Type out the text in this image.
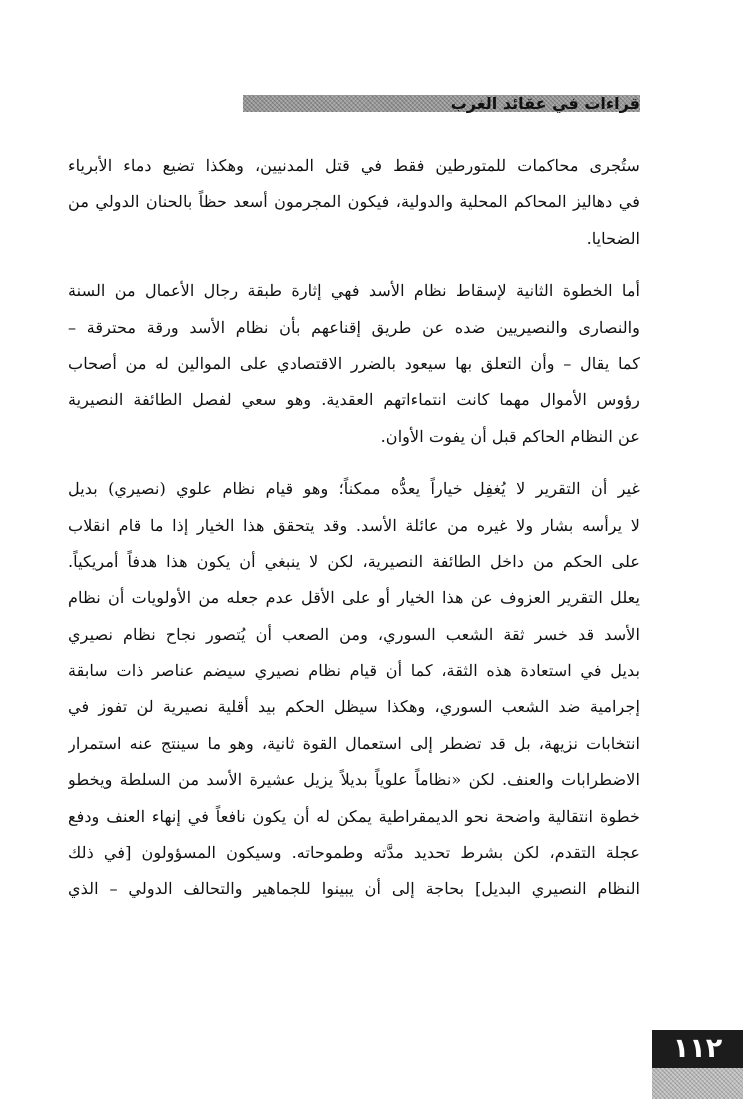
قراءات في عقائد الغرب
ستُجرى محاكمات للمتورطين فقط في قتل المدنيين، وهكذا تضيع دماء الأبرياء
في دهاليز المحاكم المحلية والدولية، فيكون المجرمون أسعد حظاً بالحنان الدولي من
الضحايا.
أما الخطوة الثانية لإسقاط نظام الأسد فهي إثارة طبقة رجال الأعمال من السنة
والنصارى والنصيريين ضده عن طريق إقناعهم بأن نظام الأسد ورقة محترقة –
كما يقال – وأن التعلق بها سيعود بالضرر الاقتصادي على الموالين له من أصحاب
رؤوس الأموال مهما كانت انتماءاتهم العقدية. وهو سعي لفصل الطائفة النصيرية
عن النظام الحاكم قبل أن يفوت الأوان.
غير أن التقرير لا يُغفِل خياراً يعدُّه ممكناً؛ وهو قيام نظام علوي (نصيري) بديل
لا يرأسه بشار ولا غيره من عائلة الأسد. وقد يتحقق هذا الخيار إذا ما قام انقلاب
على الحكم من داخل الطائفة النصيرية، لكن لا ينبغي أن يكون هذا هدفاً أمريكياً.
يعلل التقرير العزوف عن هذا الخيار أو على الأقل عدم جعله من الأولويات أن نظام
الأسد قد خسر ثقة الشعب السوري، ومن الصعب أن يُتصور نجاح نظام نصيري
بديل في استعادة هذه الثقة، كما أن قيام نظام نصيري سيضم عناصر ذات سابقة
إجرامية ضد الشعب السوري، وهكذا سيظل الحكم بيد أقلية نصيرية لن تفوز في
انتخابات نزيهة، بل قد تضطر إلى استعمال القوة ثانية، وهو ما سينتج عنه استمرار
الاضطرابات والعنف. لكن «نظاماً علوياً بديلاً يزيل عشيرة الأسد من السلطة ويخطو
خطوة انتقالية واضحة نحو الديمقراطية يمكن له أن يكون نافعاً في إنهاء العنف ودفع
عجلة التقدم، لكن بشرط تحديد مدَّته وطموحاته. وسيكون المسؤولون [في ذلك
النظام النصيري البديل] بحاجة إلى أن يبينوا للجماهير والتحالف الدولي – الذي
١١٢
